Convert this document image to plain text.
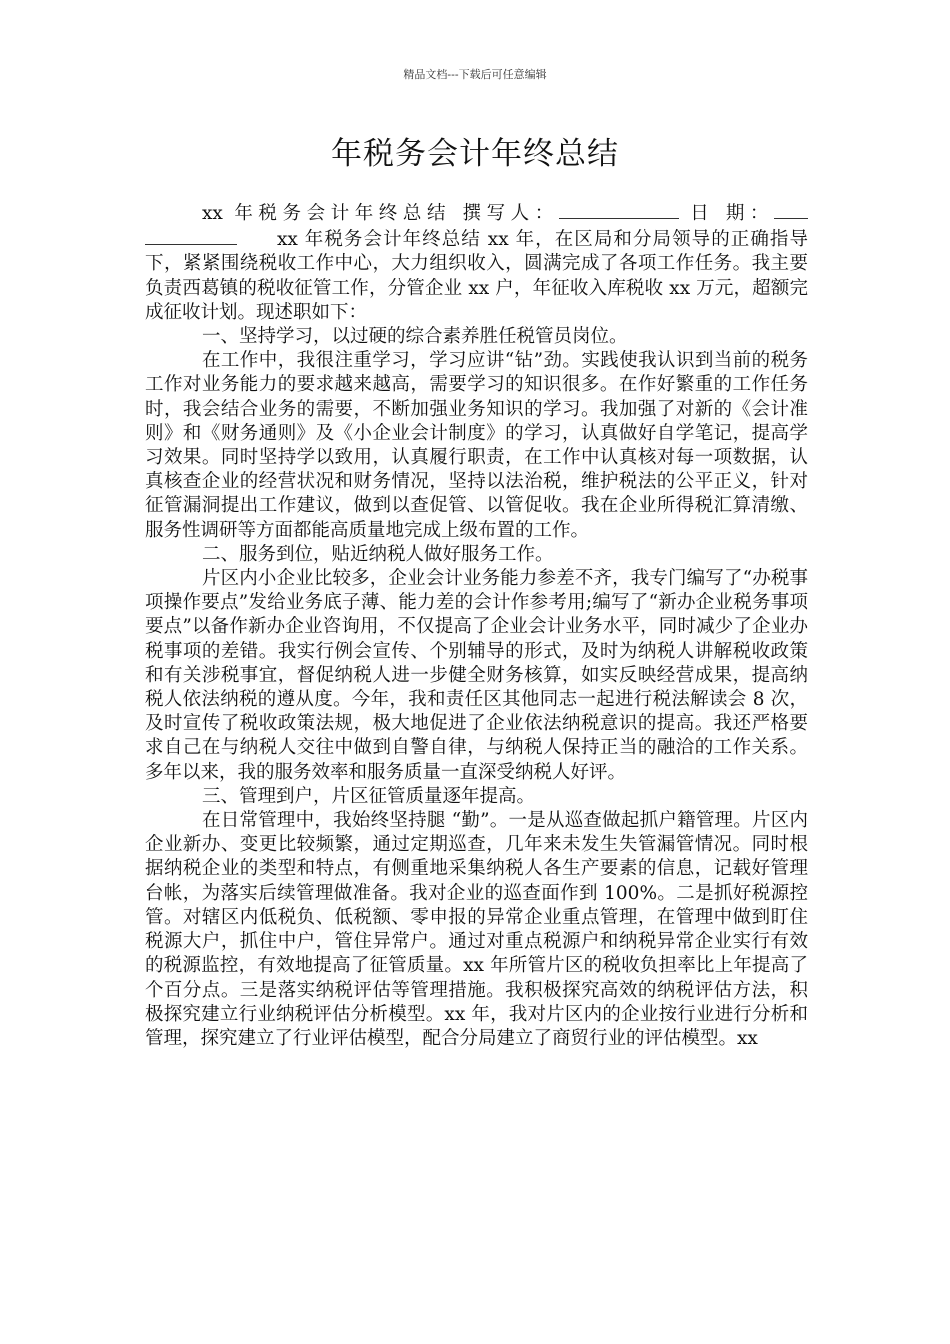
精品文档---下载后可任意编辑
年税务会计年终总结

xx 年税务会计年终总结 撰写人：	日 期：xx 年税务会计年终总结 xx 年，在区局和分局领导的正确指导下，紧紧围绕税收工作中心，大力组织收入，圆满完成了各项工作任务。我主要负责西葛镇的税收征管工作，分管企业 xx 户，年征收入库税收 xx 万元，超额完成征收计划。现述职如下：

一、坚持学习，以过硬的综合素养胜任税管员岗位。

在工作中，我很注重学习，学习应讲“钻”劲。实践使我认识到当前的税务工作对业务能力的要求越来越高，需要学习的知识很多。在作好繁重的工作任务时，我会结合业务的需要，不断加强业务知识的学习。我加强了对新的《会计准则》和《财务通则》及《小企业会计制度》的学习，认真做好自学笔记，提高学习效果。同时坚持学以致用，认真履行职责，在工作中认真核对每一项数据，认真核查企业的经营状况和财务情况，坚持以法治税，维护税法的公平正义，针对征管漏洞提出工作建议，做到以查促管、以管促收。我在企业所得税汇算清缴、服务性调研等方面都能高质量地完成上级布置的工作。

二、服务到位，贴近纳税人做好服务工作。

片区内小企业比较多，企业会计业务能力参差不齐，我专门编写了“办税事项操作要点”发给业务底子薄、能力差的会计作参考用;编写了“新办企业税务事项要点”以备作新办企业咨询用，不仅提高了企业会计业务水平，同时减少了企业办税事项的差错。我实行例会宣传、个别辅导的形式，及时为纳税人讲解税收政策和有关涉税事宜，督促纳税人进一步健全财务核算，如实反映经营成果，提高纳税人依法纳税的遵从度。今年，我和责任区其他同志一起进行税法解读会 8 次，及时宣传了税收政策法规，极大地促进了企业依法纳税意识的提高。我还严格要求自己在与纳税人交往中做到自警自律，与纳税人保持正当的融洽的工作关系。多年以来，我的服务效率和服务质量一直深受纳税人好评。

三、管理到户，片区征管质量逐年提高。

在日常管理中，我始终坚持腿 “勤”。一是从巡查做起抓户籍管理。片区内企业新办、变更比较频繁，通过定期巡查，几年来未发生失管漏管情况。同时根据纳税企业的类型和特点，有侧重地采集纳税人各生产要素的信息，记载好管理台帐，为落实后续管理做准备。我对企业的巡查面作到 100%。二是抓好税源控管。对辖区内低税负、低税额、零申报的异常企业重点管理，在管理中做到盯住税源大户，抓住中户，管住异常户。通过对重点税源户和纳税异常企业实行有效的税源监控，有效地提高了征管质量。xx 年所管片区的税收负担率比上年提高了个百分点。三是落实纳税评估等管理措施。我积极探究高效的纳税评估方法，积极探究建立行业纳税评估分析模型。xx 年，我对片区内的企业按行业进行分析和管理，探究建立了行业评估模型，配合分局建立了商贸行业的评估模型。xx
